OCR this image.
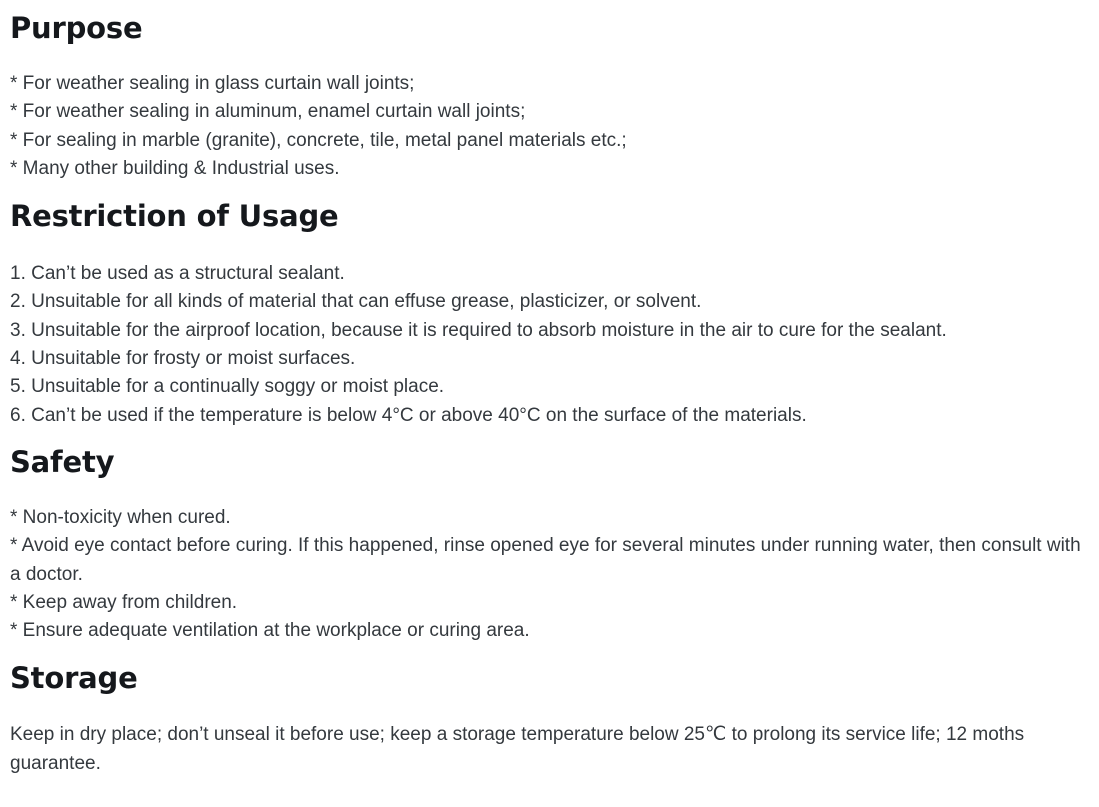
Purpose

* For weather sealing in glass curtain wall joints;
* For weather sealing in aluminum, enamel curtain wall joints;
* For sealing in marble (granite), concrete, tile, metal panel materials etc.;
* Many other building & Industrial uses.

Restriction of Usage

1. Can’t be used as a structural sealant.
2. Unsuitable for all kinds of material that can effuse grease, plasticizer, or solvent.
3. Unsuitable for the airproof location, because it is required to absorb moisture in the air to cure for the sealant.
4. Unsuitable for frosty or moist surfaces.
5. Unsuitable for a continually soggy or moist place.
6. Can’t be used if the temperature is below 4°C or above 40°C on the surface of the materials.

Safety

* Non-toxicity when cured.
* Avoid eye contact before curing. If this happened, rinse opened eye for several minutes under running water, then consult with a doctor.
* Keep away from children.
* Ensure adequate ventilation at the workplace or curing area.

Storage

Keep in dry place; don’t unseal it before use; keep a storage temperature below 25℃ to prolong its service life; 12 moths guarantee.
